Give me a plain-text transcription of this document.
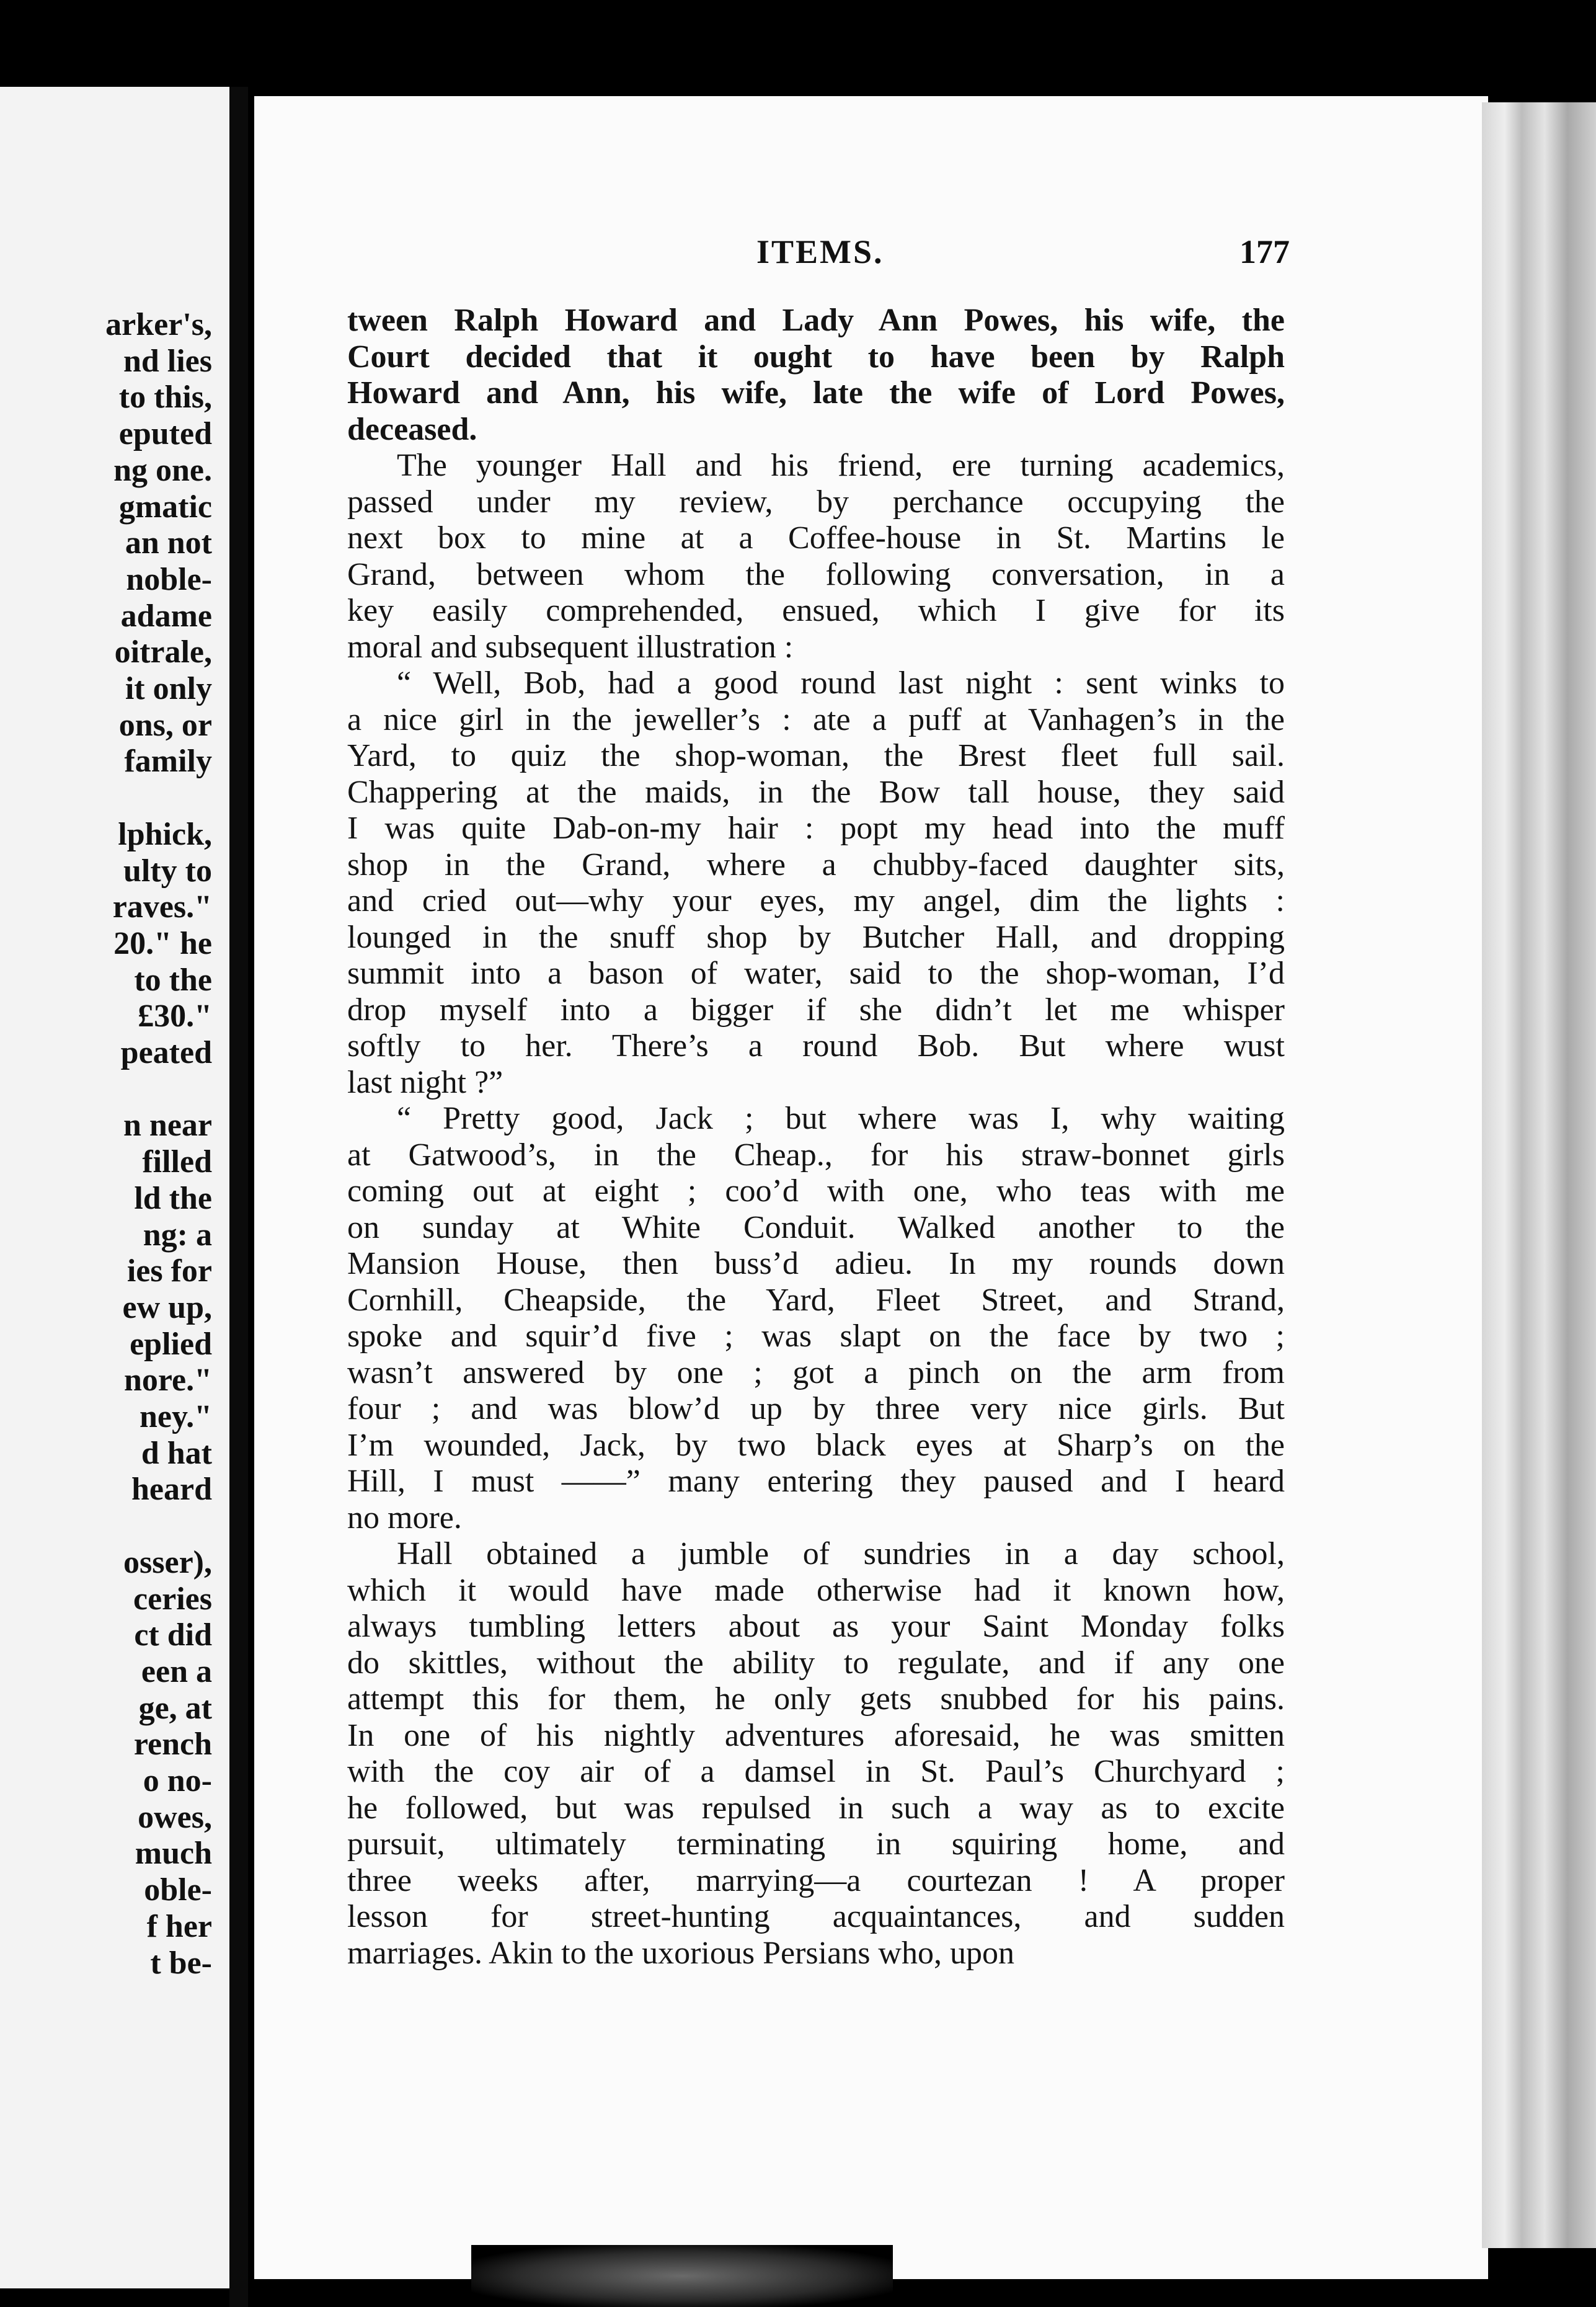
arker's,
nd lies
to this,
eputed
ng one.
gmatic
an not
noble-
adame
oitrale,
it only
ons, or
family
lphick,
ulty to
raves."
20." he
to the
£30."
peated
n near
filled
ld the
ng: a
ies for
ew up,
eplied
nore."
ney."
d hat
heard
osser),
ceries
ct did
een a
ge, at
rench
o no-
owes,
much
oble-
f her
t be-
ITEMS.	177
tween Ralph Howard and Lady Ann Powes, his wife, the
Court decided that it ought to have been by Ralph
Howard and Ann, his wife, late the wife of Lord Powes,
deceased.
The younger Hall and his friend, ere turning academics,
passed under my review, by perchance occupying the
next box to mine at a Coffee-house in St. Martins le
Grand, between whom the following conversation, in a
key easily comprehended, ensued, which I give for its
moral and subsequent illustration :
“ Well, Bob, had a good round last night : sent winks to
a nice girl in the jeweller’s : ate a puff at Vanhagen’s in the
Yard, to quiz the shop-woman, the Brest fleet full sail.
Chappering at the maids, in the Bow tall house, they said
I was quite Dab-on-my hair : popt my head into the muff
shop in the Grand, where a chubby-faced daughter sits,
and cried out—why your eyes, my angel, dim the lights :
lounged in the snuff shop by Butcher Hall, and dropping
summit into a bason of water, said to the shop-woman, I’d
drop myself into a bigger if she didn’t let me whisper
softly to her. There’s a round Bob. But where wust
last night ?”
“ Pretty good, Jack ; but where was I, why waiting
at Gatwood’s, in the Cheap., for his straw-bonnet girls
coming out at eight ; coo’d with one, who teas with me
on sunday at White Conduit. Walked another to the
Mansion House, then buss’d adieu. In my rounds down
Cornhill, Cheapside, the Yard, Fleet Street, and Strand,
spoke and squir’d five ; was slapt on the face by two ;
wasn’t answered by one ; got a pinch on the arm from
four ; and was blow’d up by three very nice girls. But
I’m wounded, Jack, by two black eyes at Sharp’s on the
Hill, I must ——” many entering they paused and I heard
no more.
Hall obtained a jumble of sundries in a day school,
which it would have made otherwise had it known how,
always tumbling letters about as your Saint Monday folks
do skittles, without the ability to regulate, and if any one
attempt this for them, he only gets snubbed for his pains.
In one of his nightly adventures aforesaid, he was smitten
with the coy air of a damsel in St. Paul’s Churchyard ;
he followed, but was repulsed in such a way as to excite
pursuit, ultimately terminating in squiring home, and
three weeks after, marrying—a courtezan ! A proper
lesson for street-hunting acquaintances, and sudden
marriages. Akin to the uxorious Persians who, upon
